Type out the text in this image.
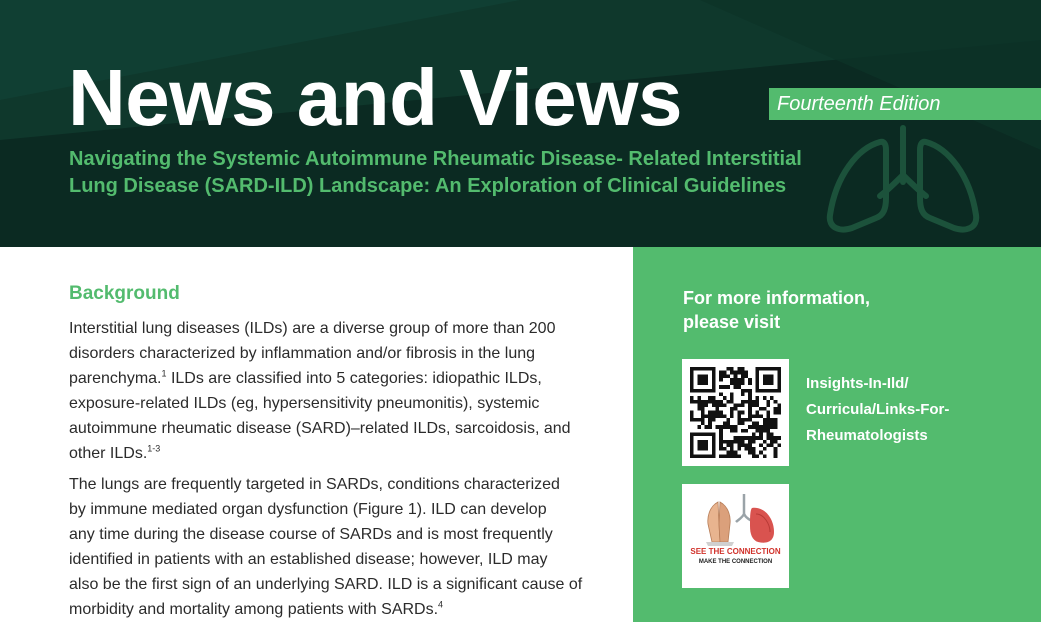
News and Views	Fourteenth Edition
Navigating the Systemic Autoimmune Rheumatic Disease- Related Interstitial
Lung Disease (SARD-ILD) Landscape: An Exploration of Clinical Guidelines
Background
Interstitial lung diseases (ILDs) are a diverse group of more than 200
disorders characterized by inflammation and/or fibrosis in the lung
parenchyma.$^1$ ILDs are classified into 5 categories: idiopathic ILDs,
exposure-related ILDs (eg, hypersensitivity pneumonitis), systemic
autoimmune rheumatic disease (SARD)–related ILDs, sarcoidosis, and
other ILDs.$^{1-3}$
The lungs are frequently targeted in SARDs, conditions characterized
by immune mediated organ dysfunction (Figure 1). ILD can develop
any time during the disease course of SARDs and is most frequently
identified in patients with an established disease; however, ILD may
also be the first sign of an underlying SARD. ILD is a significant cause of
morbidity and mortality among patients with SARDs.$^4$
For more information,
please visit
Insights-In-Ild/
Curricula/Links-For-
Rheumatologists
SEE THE CONNECTION
MAKE THE CONNECTION
